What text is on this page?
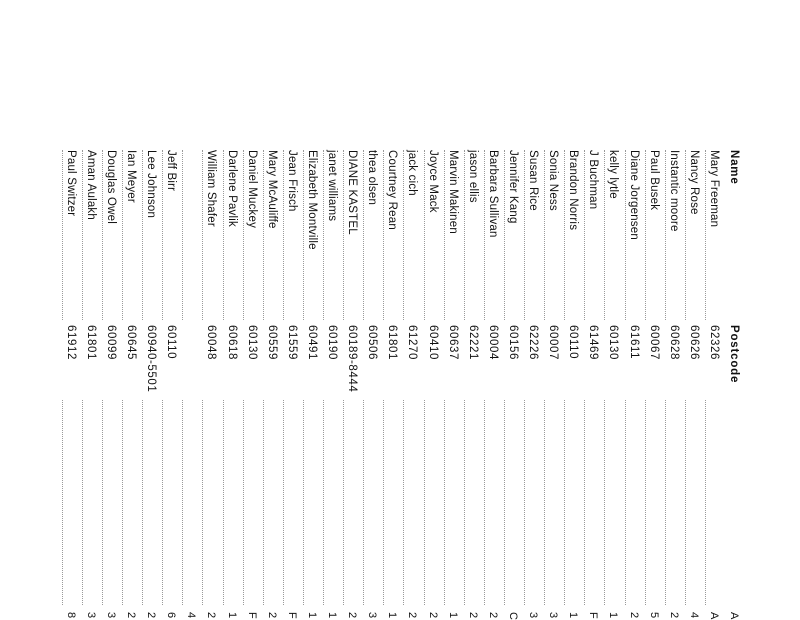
Name
Postcode
A
Mary Freeman
62326
A
Nancy Rose
60626
4
Instantic moore
60628
2
Paul Busek
60067
5
Diane Jorgensen
61611
2
kelly lytle
60130
1
J Buchman
61469
F
Brandon Norris
60110
1
Sonia Ness
60007
3
Susan Rice
62226
3
Jennifer Kang
60156
C
Barbara Sullivan
60004
2
jason ellis
62221
2
Marvin Makinen
60637
1
Joyce Mack
60410
2
jack cich
61270
2
Courtney Rean
61801
1
thea olsen
60506
3
DIANE KASTEL
60189-8444
2
janet williams
60190
1
Elizabeth Montville
60491
1
Jean Frisch
61559
F
Mary McAuliffe
60559
2
Daniel Muckey
60130
F
Darlene Pavlik
60618
1
William Shafer
60048
2
4
Jeff Birr
60110
6
Lee Johnson
60940-5501
2
Ian Meyer
60645
2
Douglas Owel
60099
3
Aman Aulakh
61801
3
Paul Switzer
61912
8
